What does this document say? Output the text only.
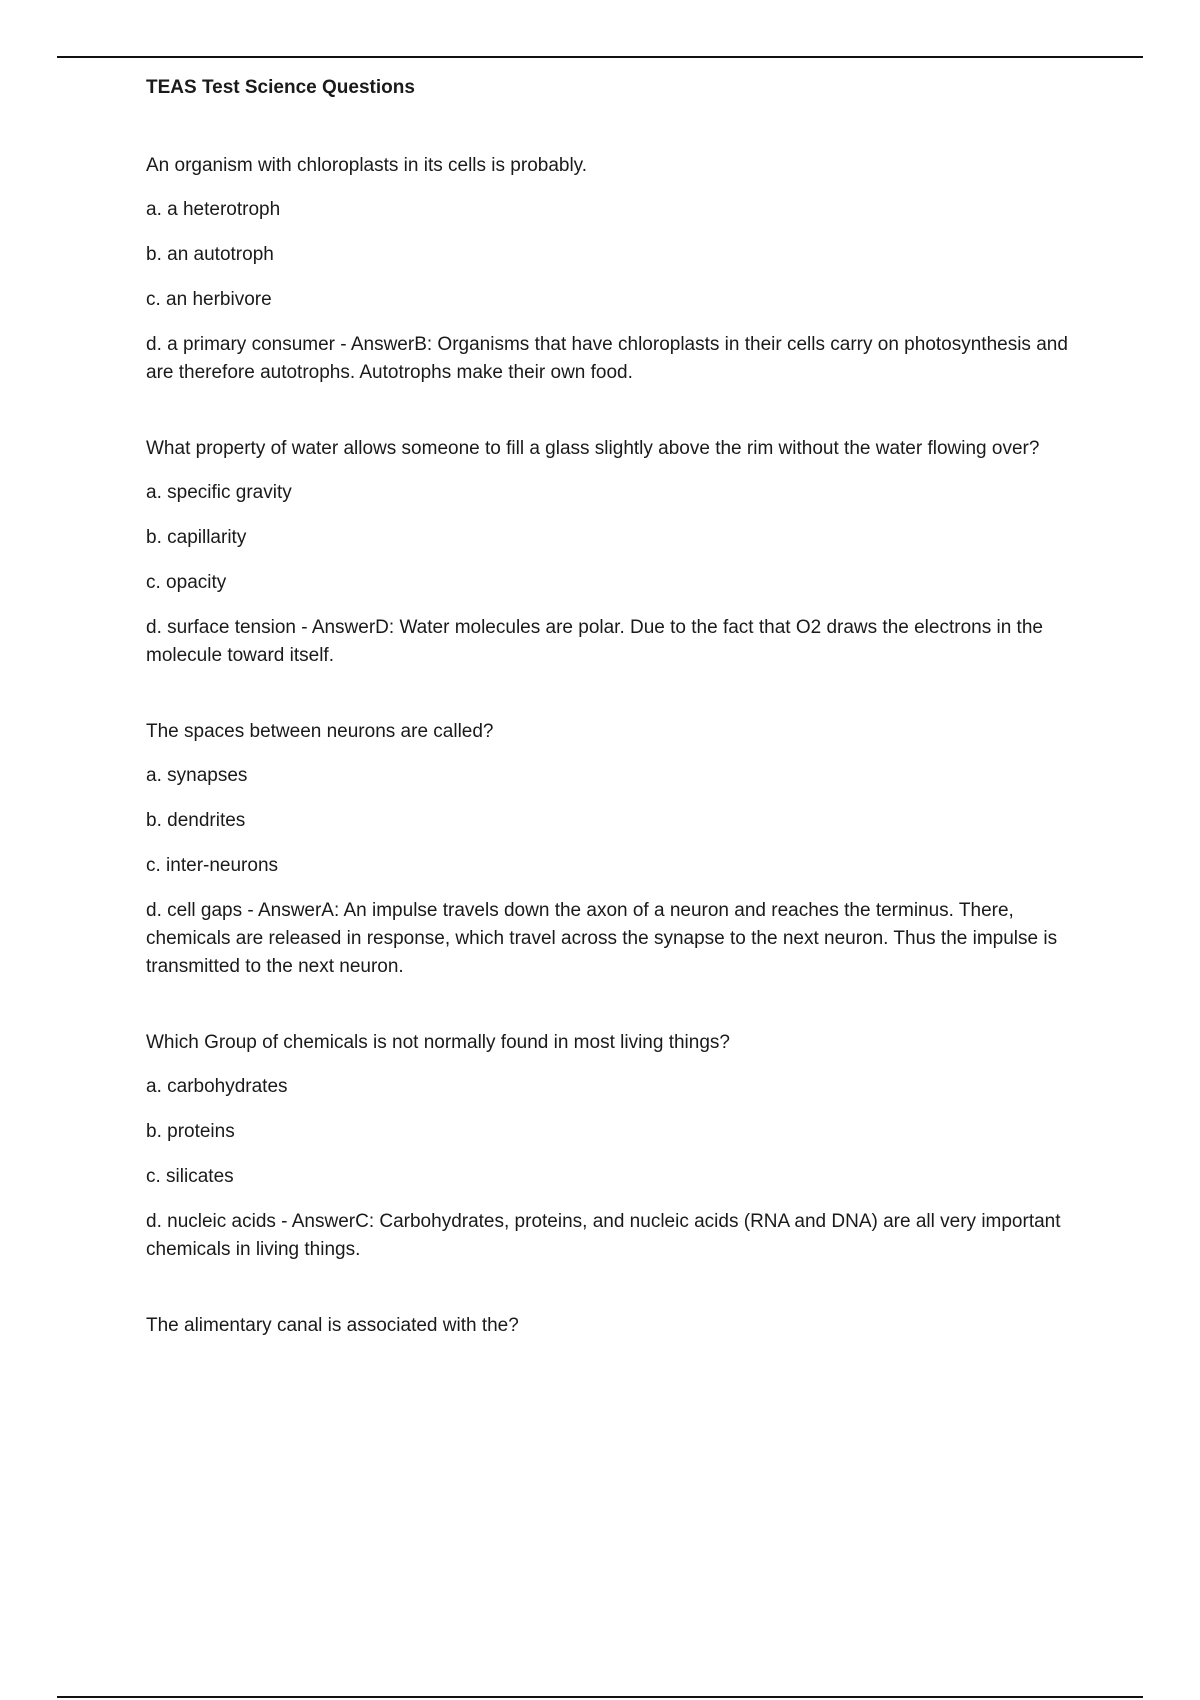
TEAS Test Science Questions

An organism with chloroplasts in its cells is probably.

a. a heterotroph

b. an autotroph

c. an herbivore

d. a primary consumer - AnswerB: Organisms that have chloroplasts in their cells carry on photosynthesis and are therefore autotrophs. Autotrophs make their own food.

What property of water allows someone to fill a glass slightly above the rim without the water flowing over?

a. specific gravity

b. capillarity

c. opacity

d. surface tension - AnswerD: Water molecules are polar. Due to the fact that O2 draws the electrons in the molecule toward itself.

The spaces between neurons are called?

a. synapses

b. dendrites

c. inter-neurons

d. cell gaps - AnswerA: An impulse travels down the axon of a neuron and reaches the terminus. There, chemicals are released in response, which travel across the synapse to the next neuron. Thus the impulse is transmitted to the next neuron.

Which Group of chemicals is not normally found in most living things?

a. carbohydrates

b. proteins

c. silicates

d. nucleic acids - AnswerC: Carbohydrates, proteins, and nucleic acids (RNA and DNA) are all very important chemicals in living things.

The alimentary canal is associated with the?
